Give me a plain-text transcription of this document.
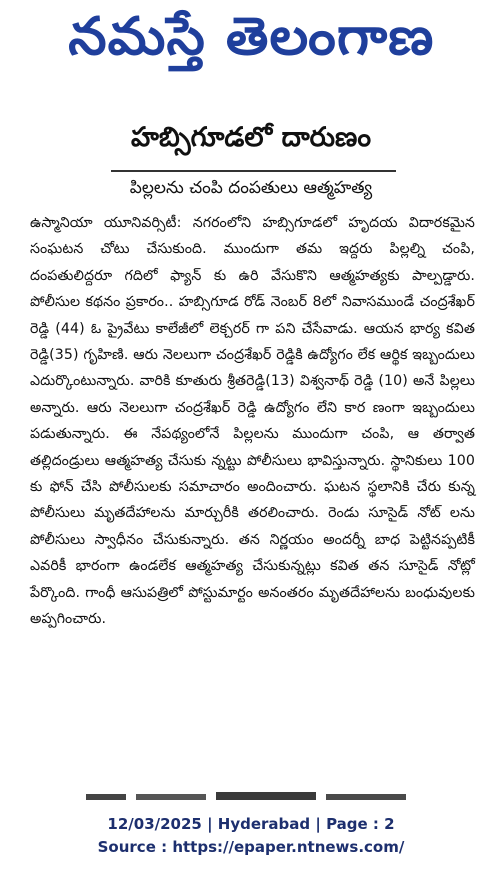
నమస్తే తెలంగాణ
హబ్సిగూడలో దారుణం
పిల్లలను చంపి దంపతులు ఆత్మహత్య
ఉస్మానియా యూనివర్సిటీ: నగరంలోని హబ్సిగూడలో హృదయ విదారకమైన సంఘటన చోటు చేసుకుంది. ముందుగా తమ ఇద్దరు పిల్లల్ని చంపి, దంపతులిద్దరూ గదిలో ఫ్యాన్ కు ఉరి వేసుకొని ఆత్మహత్యకు పాల్పడ్డారు. పోలీసుల కథనం ప్రకారం.. హబ్సిగూడ రోడ్ నెంబర్ 8లో నివాసముండే చంద్రశేఖర్ రెడ్డి (44) ఓ ప్రైవేటు కాలేజీలో లెక్చరర్ గా పని చేసేవాడు. ఆయన భార్య కవిత రెడ్డి(35) గృహిణి. ఆరు నెలలుగా చంద్రశేఖర్ రెడ్డికి ఉద్యోగం లేక ఆర్థిక ఇబ్బందులు ఎదుర్కొంటున్నారు. వారికి కూతురు శ్రీతరెడ్డి(13) విశ్వనాథ్ రెడ్డి (10) అనే పిల్లలు అన్నారు. ఆరు నెలలుగా చంద్రశేఖర్ రెడ్డి ఉద్యోగం లేని కార ణంగా ఇబ్బందులు పడుతున్నారు. ఈ నేపథ్యంలోనే పిల్లలను ముందుగా చంపి, ఆ తర్వాత తల్లిదండ్రులు ఆత్మహత్య చేసుకు న్నట్టు పోలీసులు భావిస్తున్నారు. స్థానికులు 100 కు ఫోన్ చేసి పోలీసులకు సమాచారం అందించారు. ఘటన స్థలానికి చేరు కున్న పోలీసులు మృతదేహాలను మార్చురీకి తరలించారు. రెండు సూసైడ్ నోట్ లను పోలీసులు స్వాధీనం చేసుకున్నారు. తన నిర్ణయం అందర్నీ బాధ పెట్టినప్పటికీ ఎవరికీ భారంగా ఉండలేక ఆత్మహత్య చేసుకున్నట్లు కవిత తన సూసైడ్ నోట్లో పేర్కొంది. గాంధీ ఆసుపత్రిలో పోస్టుమార్టం అనంతరం మృతదేహాలను బంధువులకు అప్పగించారు.
12/03/2025 | Hyderabad | Page : 2
Source : https://epaper.ntnews.com/
